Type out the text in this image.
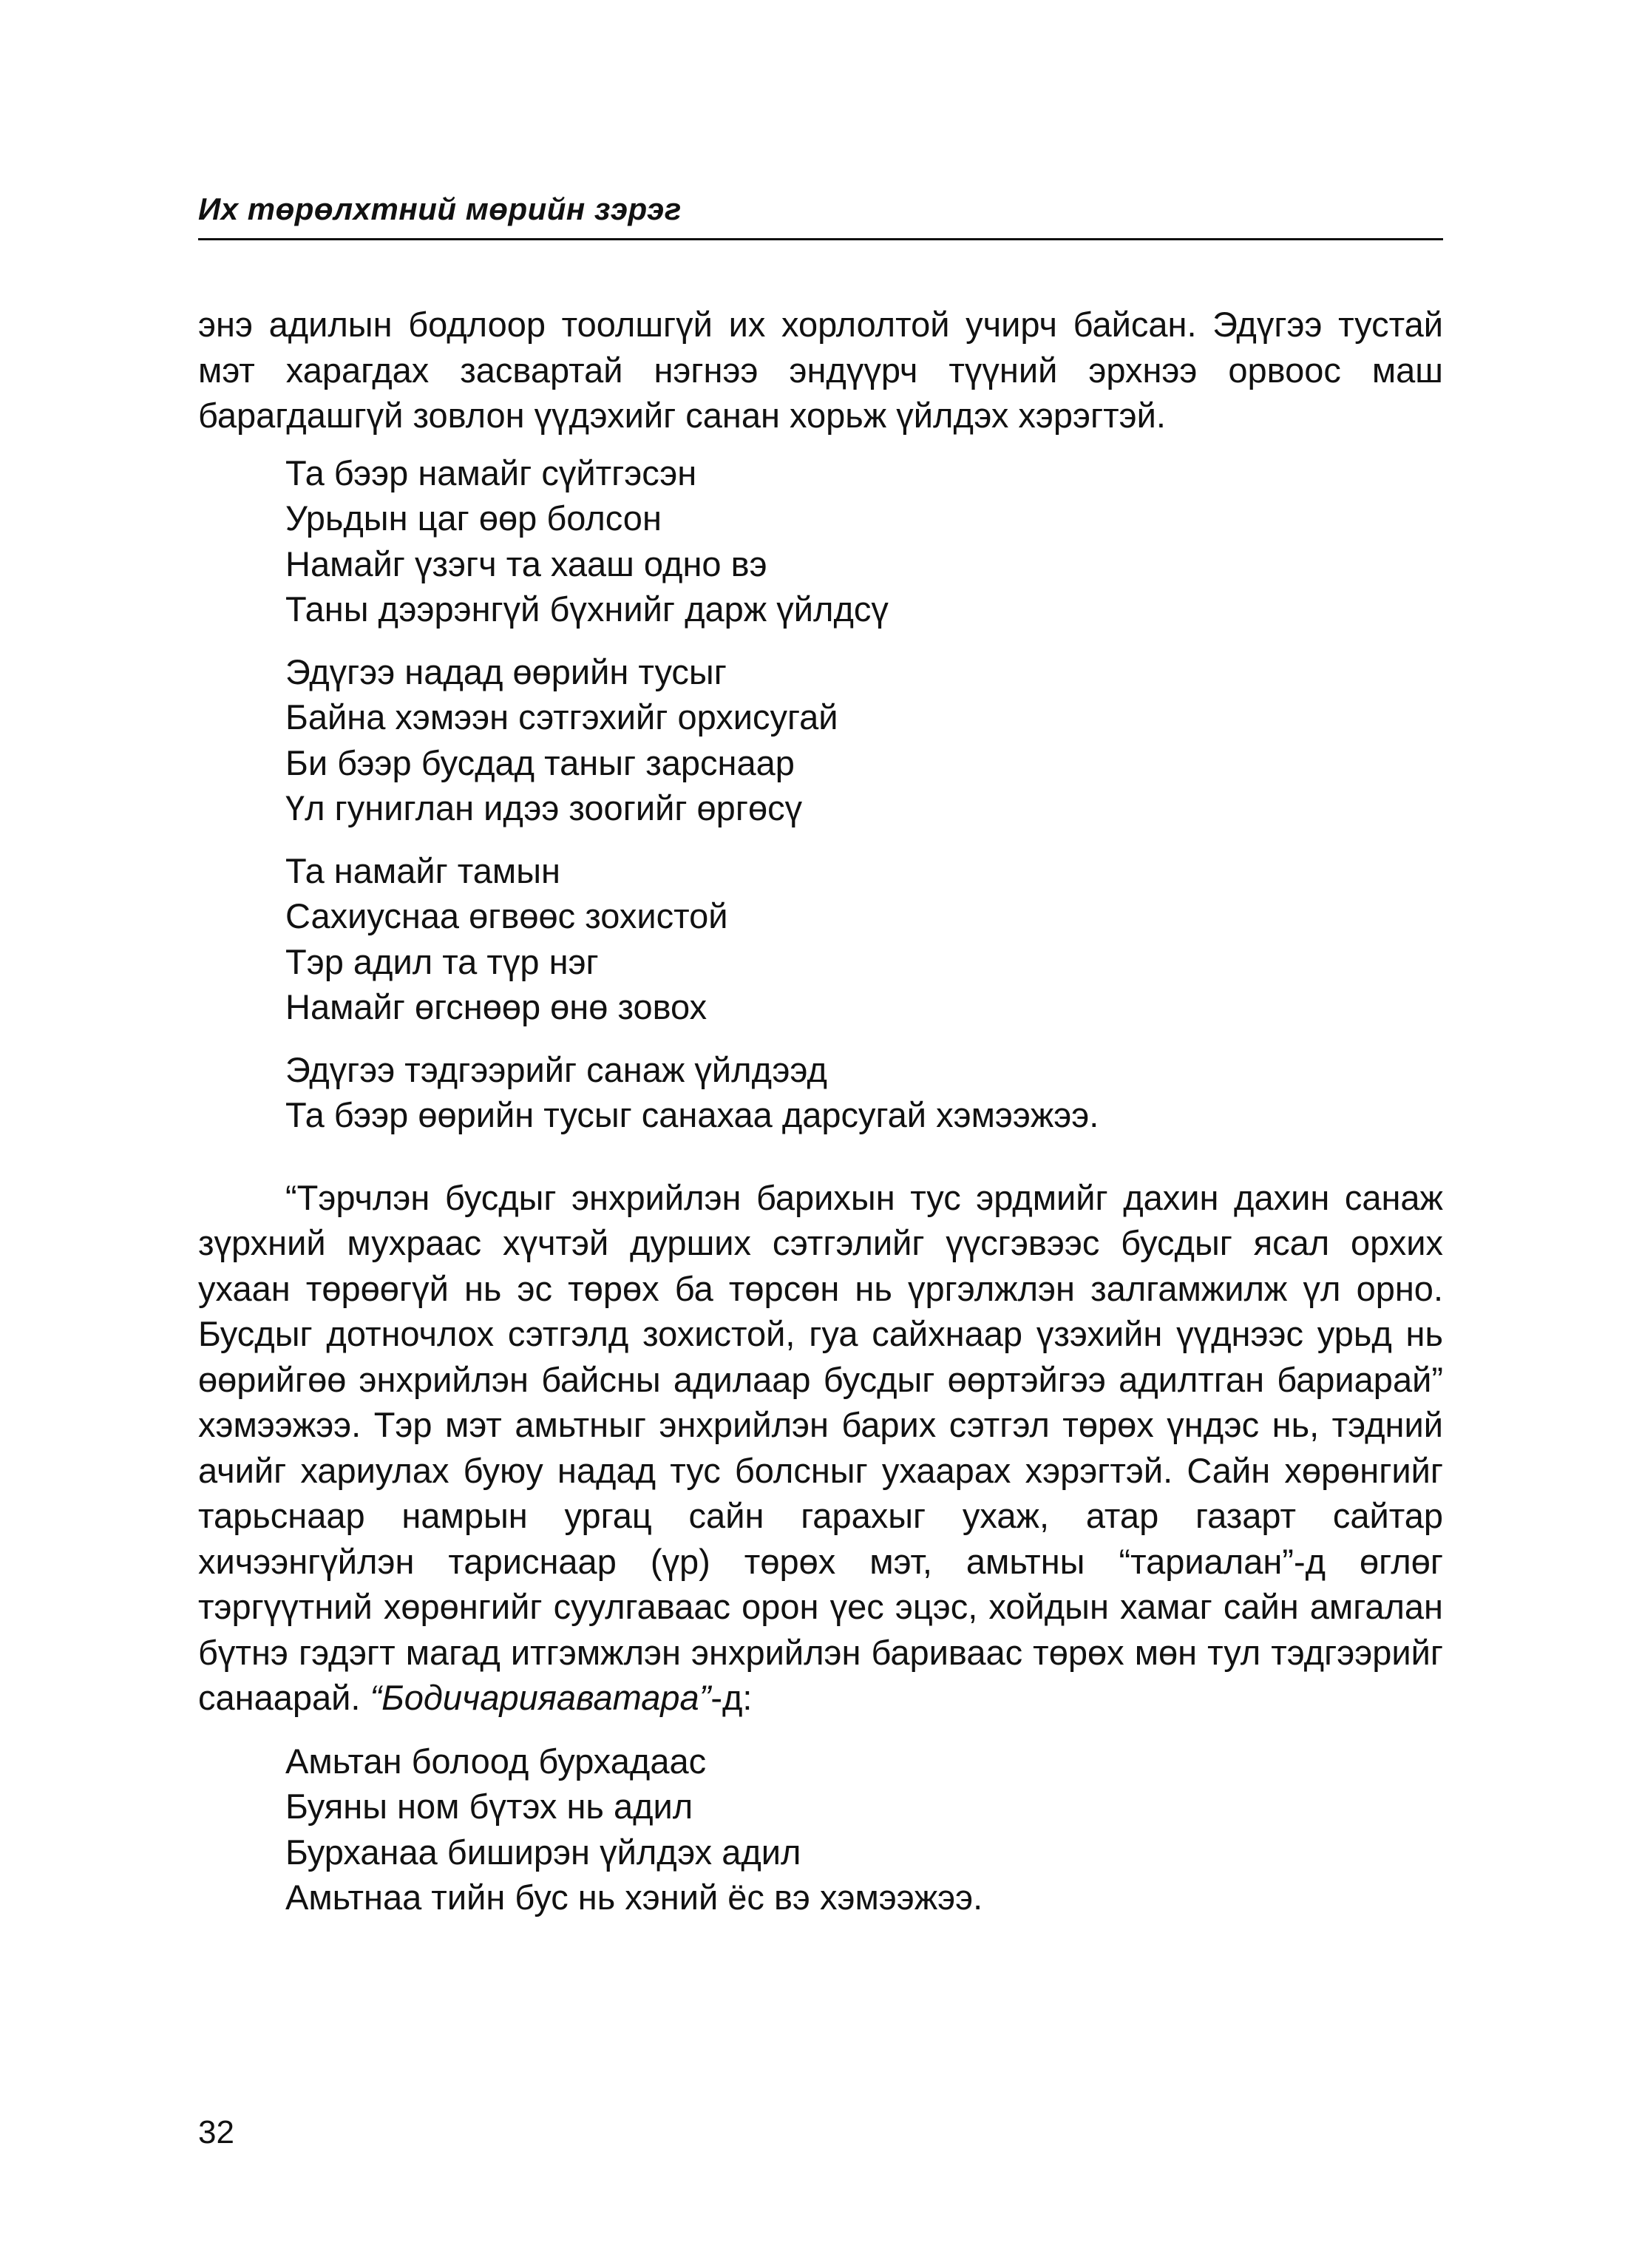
Их төрөлхтний мөрийн зэрэг

энэ адилын бодлоор тоолшгүй их хорлолтой учирч байсан. Эдүгээ тустай мэт харагдах засвартай нэгнээ эндүүрч түүний эрхнээ орвоос маш барагдашгүй зовлон үүдэхийг санан хорьж үйлдэх хэрэгтэй.

Та бээр намайг сүйтгэсэн
Урьдын цаг өөр болсон
Намайг үзэгч та хааш одно вэ
Таны дээрэнгүй бүхнийг дарж үйлдсү
Эдүгээ надад өөрийн тусыг
Байна хэмээн сэтгэхийг орхисугай
Би бээр бусдад таныг зарснаар
Үл гуниглан идээ зоогийг өргөсү
Та намайг тамын
Сахиуснаа өгвөөс зохистой
Тэр адил та түр нэг
Намайг өгснөөр өнө зовох
Эдүгээ тэдгээрийг санаж үйлдээд
Та бээр өөрийн тусыг санахаа дарсугай хэмээжээ.

“Тэрчлэн бусдыг энхрийлэн барихын тус эрдмийг дахин дахин санаж зүрхний мухраас хүчтэй дурших сэтгэлийг үүсгэвээс бусдыг ясал орхих ухаан төрөөгүй нь эс төрөх ба төрсөн нь үргэлжлэн залгамжилж үл орно. Бусдыг дотночлох сэтгэлд зохистой, гуа сайхнаар үзэхийн үүднээс урьд нь өөрийгөө энхрийлэн байсны адилаар бусдыг өөртэйгээ адилтган бариарай” хэмээжээ. Тэр мэт амьтныг энхрийлэн барих сэтгэл төрөх үндэс нь, тэдний ачийг хариулах буюу надад тус болсныг ухаарах хэрэгтэй. Сайн хөрөнгийг тарьснаар намрын ургац сайн гарахыг ухаж, атар газарт сайтар хичээнгүйлэн тариснаар (үр) төрөх мэт, амьтны “тариалан”-д өглөг тэргүүтний хөрөнгийг суулгаваас орон үес эцэс, хойдын хамаг сайн амгалан бүтнэ гэдэгт магад итгэмжлэн энхрийлэн бариваас төрөх мөн тул тэдгээрийг санаарай. “Бодичарияаватара”-д:

Амьтан болоод бурхадаас
Буяны ном бүтэх нь адил
Бурханаа биширэн үйлдэх адил
Амьтнаа тийн бус нь хэний ёс вэ хэмээжээ.
32
